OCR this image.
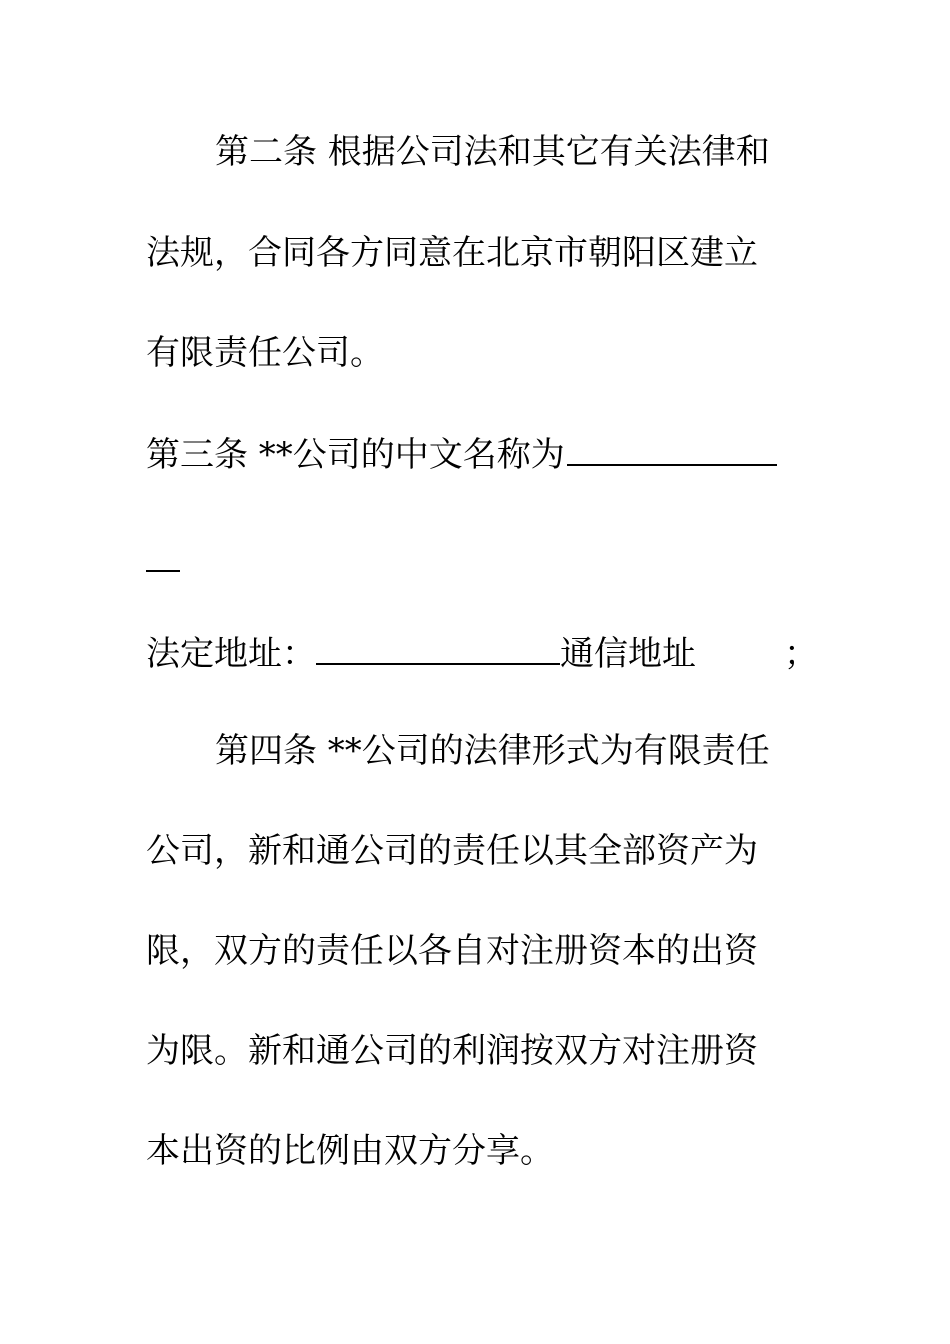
第二条 根据公司法和其它有关法律和
法规，合同各方同意在北京市朝阳区建立
有限责任公司。
第三条 **公司的中文名称为
法定地址：	通信地址	；
第四条 **公司的法律形式为有限责任
公司，新和通公司的责任以其全部资产为
限，双方的责任以各自对注册资本的出资
为限。新和通公司的利润按双方对注册资
本出资的比例由双方分享。
